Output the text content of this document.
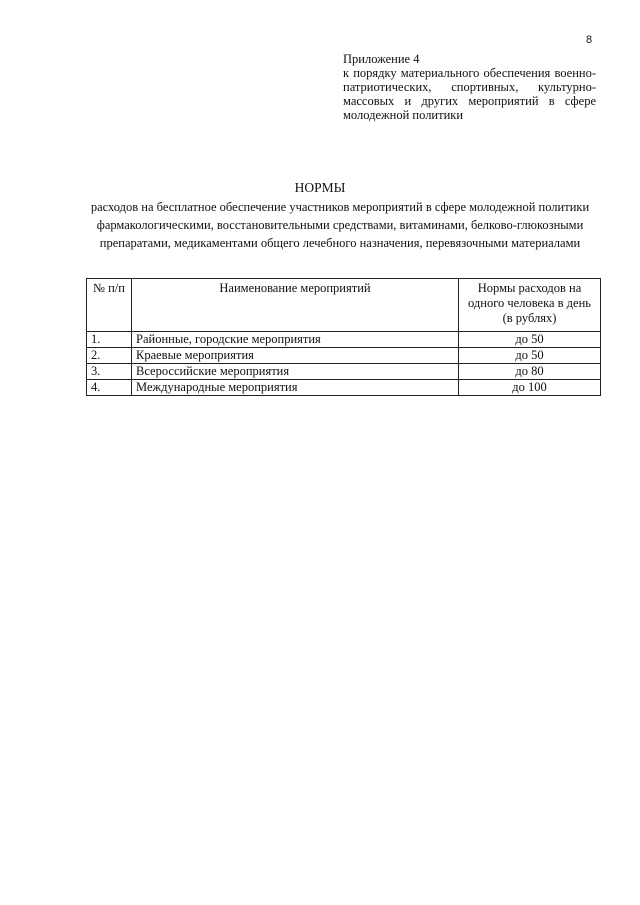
8
Приложение 4
к порядку материального обеспечения военно-патриотических, спортивных, культурно-массовых и других мероприятий в сфере молодежной политики
НОРМЫ
расходов на бесплатное обеспечение участников мероприятий в сфере молодежной политики фармакологическими, восстановительными средствами, витаминами, белково-глюкозными препаратами, медикаментами общего лечебного назначения, перевязочными материалами
№ п/п	Наименование мероприятий	Нормы расходов на одного человека в день (в рублях)
1.	Районные, городские мероприятия	до 50
2.	Краевые мероприятия	до 50
3.	Всероссийские мероприятия	до 80
4.	Международные мероприятия	до 100
